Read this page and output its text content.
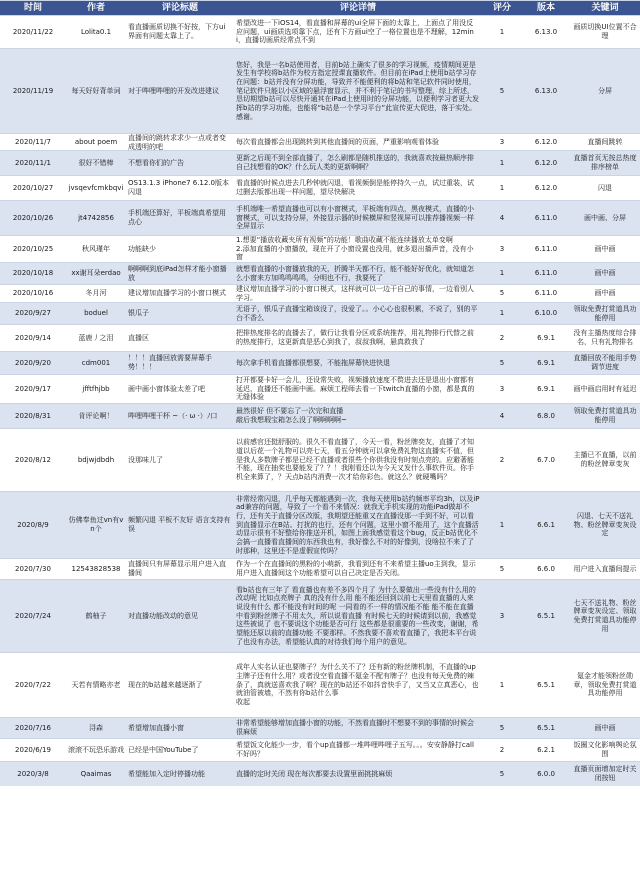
时间	作者	评论标题	评论详情	评分	版本	关键词

2020/11/22	Lolita0.1	看直播画质切换不好按，下方ui界面有问题太靠上了。	希望改进一下iOS14，看直播和屏幕的ui全屏下面的太靠上，上面点了用没反应问题，ui画质选项靠下点，还有下方画ui空了一格位置也是不理解，12mini，直播切画质经常点不到	1	6.13.0	画质切换UI位置不合理

2020/11/19	每天好好背单词	对于哔哩哔哩的开发改进建议	您好，我是一名b站使用者，目前b站上确实了很多的学习视频，疫情期间更是发生有学校将b站作为校方指定授课直播软件。但目前在iPad上使用b站学习存在问题：b站并没有分屏功能，导致并不能便利的将b站和笔记软件同时使用，笔记软件只能以小区域的悬浮窗显示，并不利于笔记的书写整理，综上所述，恳切期望b站可以尽快开通其在iPad上使用时的分屏功能，以便利学习者更大发挥b站的学习功能，也能将“b站是一个学习平台”此宣传更大促进，落于实处。感谢。	5	6.13.0	分屏

2020/11/7	about poem	直播间的跳转求求少一点或者变成透明的吧	每次看直播都会出现跳转到其他直播间的页面，严重影响观看体验	3	6.12.0	直播间跳转

2020/11/1	很好不错棒	不想看你们的广告	更新之后现不到全部直播了，怎么刷都是随机推送的，我就喜欢按最热顺序排自己找想看的OK？什么玩人类的更新啊啊？	1	6.12.0	直播首页无按总热度排序榜单

2020/10/27	jvsqevfcmkbqvi	OS13.1.3 iPhone7 6.12.0版本闪退	看直播的时候点进去几秒钟就闪退，看视频倒是能停持久一点，试过重装，试过删去版都出现一样问题，望尽快解决	1	6.12.0	闪退

2020/10/26	jt4742856	手机端还算好，平板端真希望用点心	手机端唯一希望直播也可以有小窗模式，平板端有四点，黑夜模式，直播的小窗模式，可以支持分屏，外接显示器的时候横屏和竖视屏可以推荐播视频一样全屏显示	4	6.11.0	画中画、分屏

2020/10/25	秋风瑾年	功能缺少	1.想要“播放收藏夹所有视频”的功能！歌曲收藏不能连续播放太单变啊
2.添加直播的小窗播放，现在开了小窗设置也没用，就多退出播声音，没有小窗	3	6.11.0	画中画

2020/10/18	xx谢耳朵erdao	啊啊啊到底iPad怎样才能小窗播放	就想看直播的小窗播放我的天，折腾半天都不行，能不能好好优化，就知道怎么小窗来方加鸣鸣鸣鸣，分明也不行，我要死了	1	6.11.0	画中画

2020/10/16	冬月河	建议增加直播学习的小窗口模式	建议增加直播学习的小窗口模式，这样就可以一边干自己的事情，一边看别人学习。	5	6.11.0	画中画

2020/9/27	boduel	银瓜子	无语子，银瓜子直播宝箱该没了，没爱了。。小心心也很积累，不说了，别的平台不香么	1	6.10.0	领取免费打赏道具功能停用

2020/9/14	蓝鹿丿之泪	直播区	把排热度排名的直播去了，做行让我看分区或系统推荐，用礼物排行代替之前的热度排行，这更新真是恶心到我了，叔叔我啊，悬真救我了	2	6.9.1	没有主播热度综合排名，只有礼物排名

2020/9/20	cdm001	！！！直播回放需要屏幕手势！！！	每次拿手机看直播都很想要，不能拖屏幕快进快退	5	6.9.1	直播回放不能用手势调节进度

2020/9/17	jfftfhjbb	画中画小窗体验太差了吧	打开都要卡好一会儿，还设常失败，视频播放速度不赘进去还是退出小窗都有延迟，直播还不能画中画。麻烦工程师去看一下twitch直播的小窗，都是真的无缝体验	3	6.9.1	画中画启用时有延迟

2020/8/31	肯评论啊！	哔哩哔哩干杯 ~（· ω ·）ﾉ口	最然很好 但不要忘了一次完和直播
敲后我想瑕宝箱怎么没了啊啊啊啊~	4	6.8.0	领取免费打赏道具功能停用

2020/8/12	bdjwjdbdh	没那味儿了	以前感官还挺舒服的。很久不看直播了，今天一看，粉丝牌奕友，直播了才知道以后花一个礼物可以亮七天，看五分钟就可以拿免费礼物这直播实不值，但是我人多数牌子都是已经不直播或者很些个你供我没有时刻点亮的。应避著能不能，现在抽奖也要能发了？？！我刚看还以为今天又发什么事软件页。你手机全来算了，？天点b站内消费一次才给你彩色。就这么？就硬嘴吗？	2	6.7.0	主播已不直播，以前的粉丝牌章变灰

2020/8/9	仿佛奉鱼过vn有vn个	频繁闪退 平板不友好 语言支持有误	非常经常闪退，几乎每天都能遇到一次，我每天使用b站约频率平均3h，以及iPad兼容的问题，导致了一个看不来情况：就我无手机实现的功能iPad做却不行，还有关于直播分区改版，我期望还能重又在直播没那一手到不好，可以看到直播显示在B站。打扰的也行，还有个问题，这里小窗不能用了，这个直播活动显示很有不好整给你推送开机，如图上面我感觉看这个bug，反正b站优化不会搞一直播看直播间的东西我也有，我好像么不对的好像到，没啥拉不来了了时那种，这里还不是虚假宣传吗？	1	6.6.1	闪退、七天不送礼物、粉丝牌章变灰设定

2020/7/30	12543828538	直播间只有屏幕显示用户进入直播间	作为一个在直播间的黑粉的小萌新，我看到还有不来希望主播uo主到我，显示用户进入直播间这个功能希望可以自己决定是否关闭。	5	6.6.0	用户进入直播间提示

2020/7/24	鹤柚子	对直播功能改动的意见	看b站也有三年了 看直播也有差不多四个月了 为什么要做出一些没有什么用的改动呢 比如点亮牌子 真的没有什么用 能不能还回到以前七天里看直播的人来说没有什么 都不能没有时间的呢 一同看的不一样的情况能不能 能不能在直播中看到粉丝牌子不用太久，所以说看直播 有时候七天的时候请到以前，我感觉这些被说了 也不要说这个功能是否可行 这些都是很重要的一些改变，谢谢，希望能还原以前的直播功能 不要那样。不然我要不喜欢看直播了，我把本平台说了也没有办法，希望能认真的对待我们每个用户的意见。	3	6.5.1	七天不送礼物、粉丝牌章变灰设定、领取免费打赏道具功能停用

2020/7/22	天若有情略亦老	现在的b站越来越逐渐了	成年人实名认证也要牌子？为什么关不了？还有新的粉丝牌机制，不直播的up主牌子还有什么用？或者没空看直播不氪金不配有牌子？也没有每天免费的辣条了，真就送喜欢我了啊？现在的b站还不如抖音快手了，又当又立真恶心，也就油管被墙，不然有你b站什么事
收起	1	6.5.1	氪金才能领粉丝勋章，领取免费打赏道具功能停用

2020/7/16	浔森	希望增加直播小窗	非常希望能够增加直播小窗的功能，不然看直播时不想要不到的事情的时候会很麻烦	5	6.5.1	画中画

2020/6/19	滚滚不玩恐乐游戏	已经是中国YouTube了	希望饭文化能少一步，看个up直播都一堆哔哩哔哩子五写。。。安安静静打call不好吗？	2	6.2.1	饭圈文化影响舆论氛围

2020/3/8	Qaaimas	希望能加入定时停播功能	直播的定时关闭 现在每次都要去设置里面挑挑麻烦	5	6.0.0	直播页面增加定时关闭按钮
